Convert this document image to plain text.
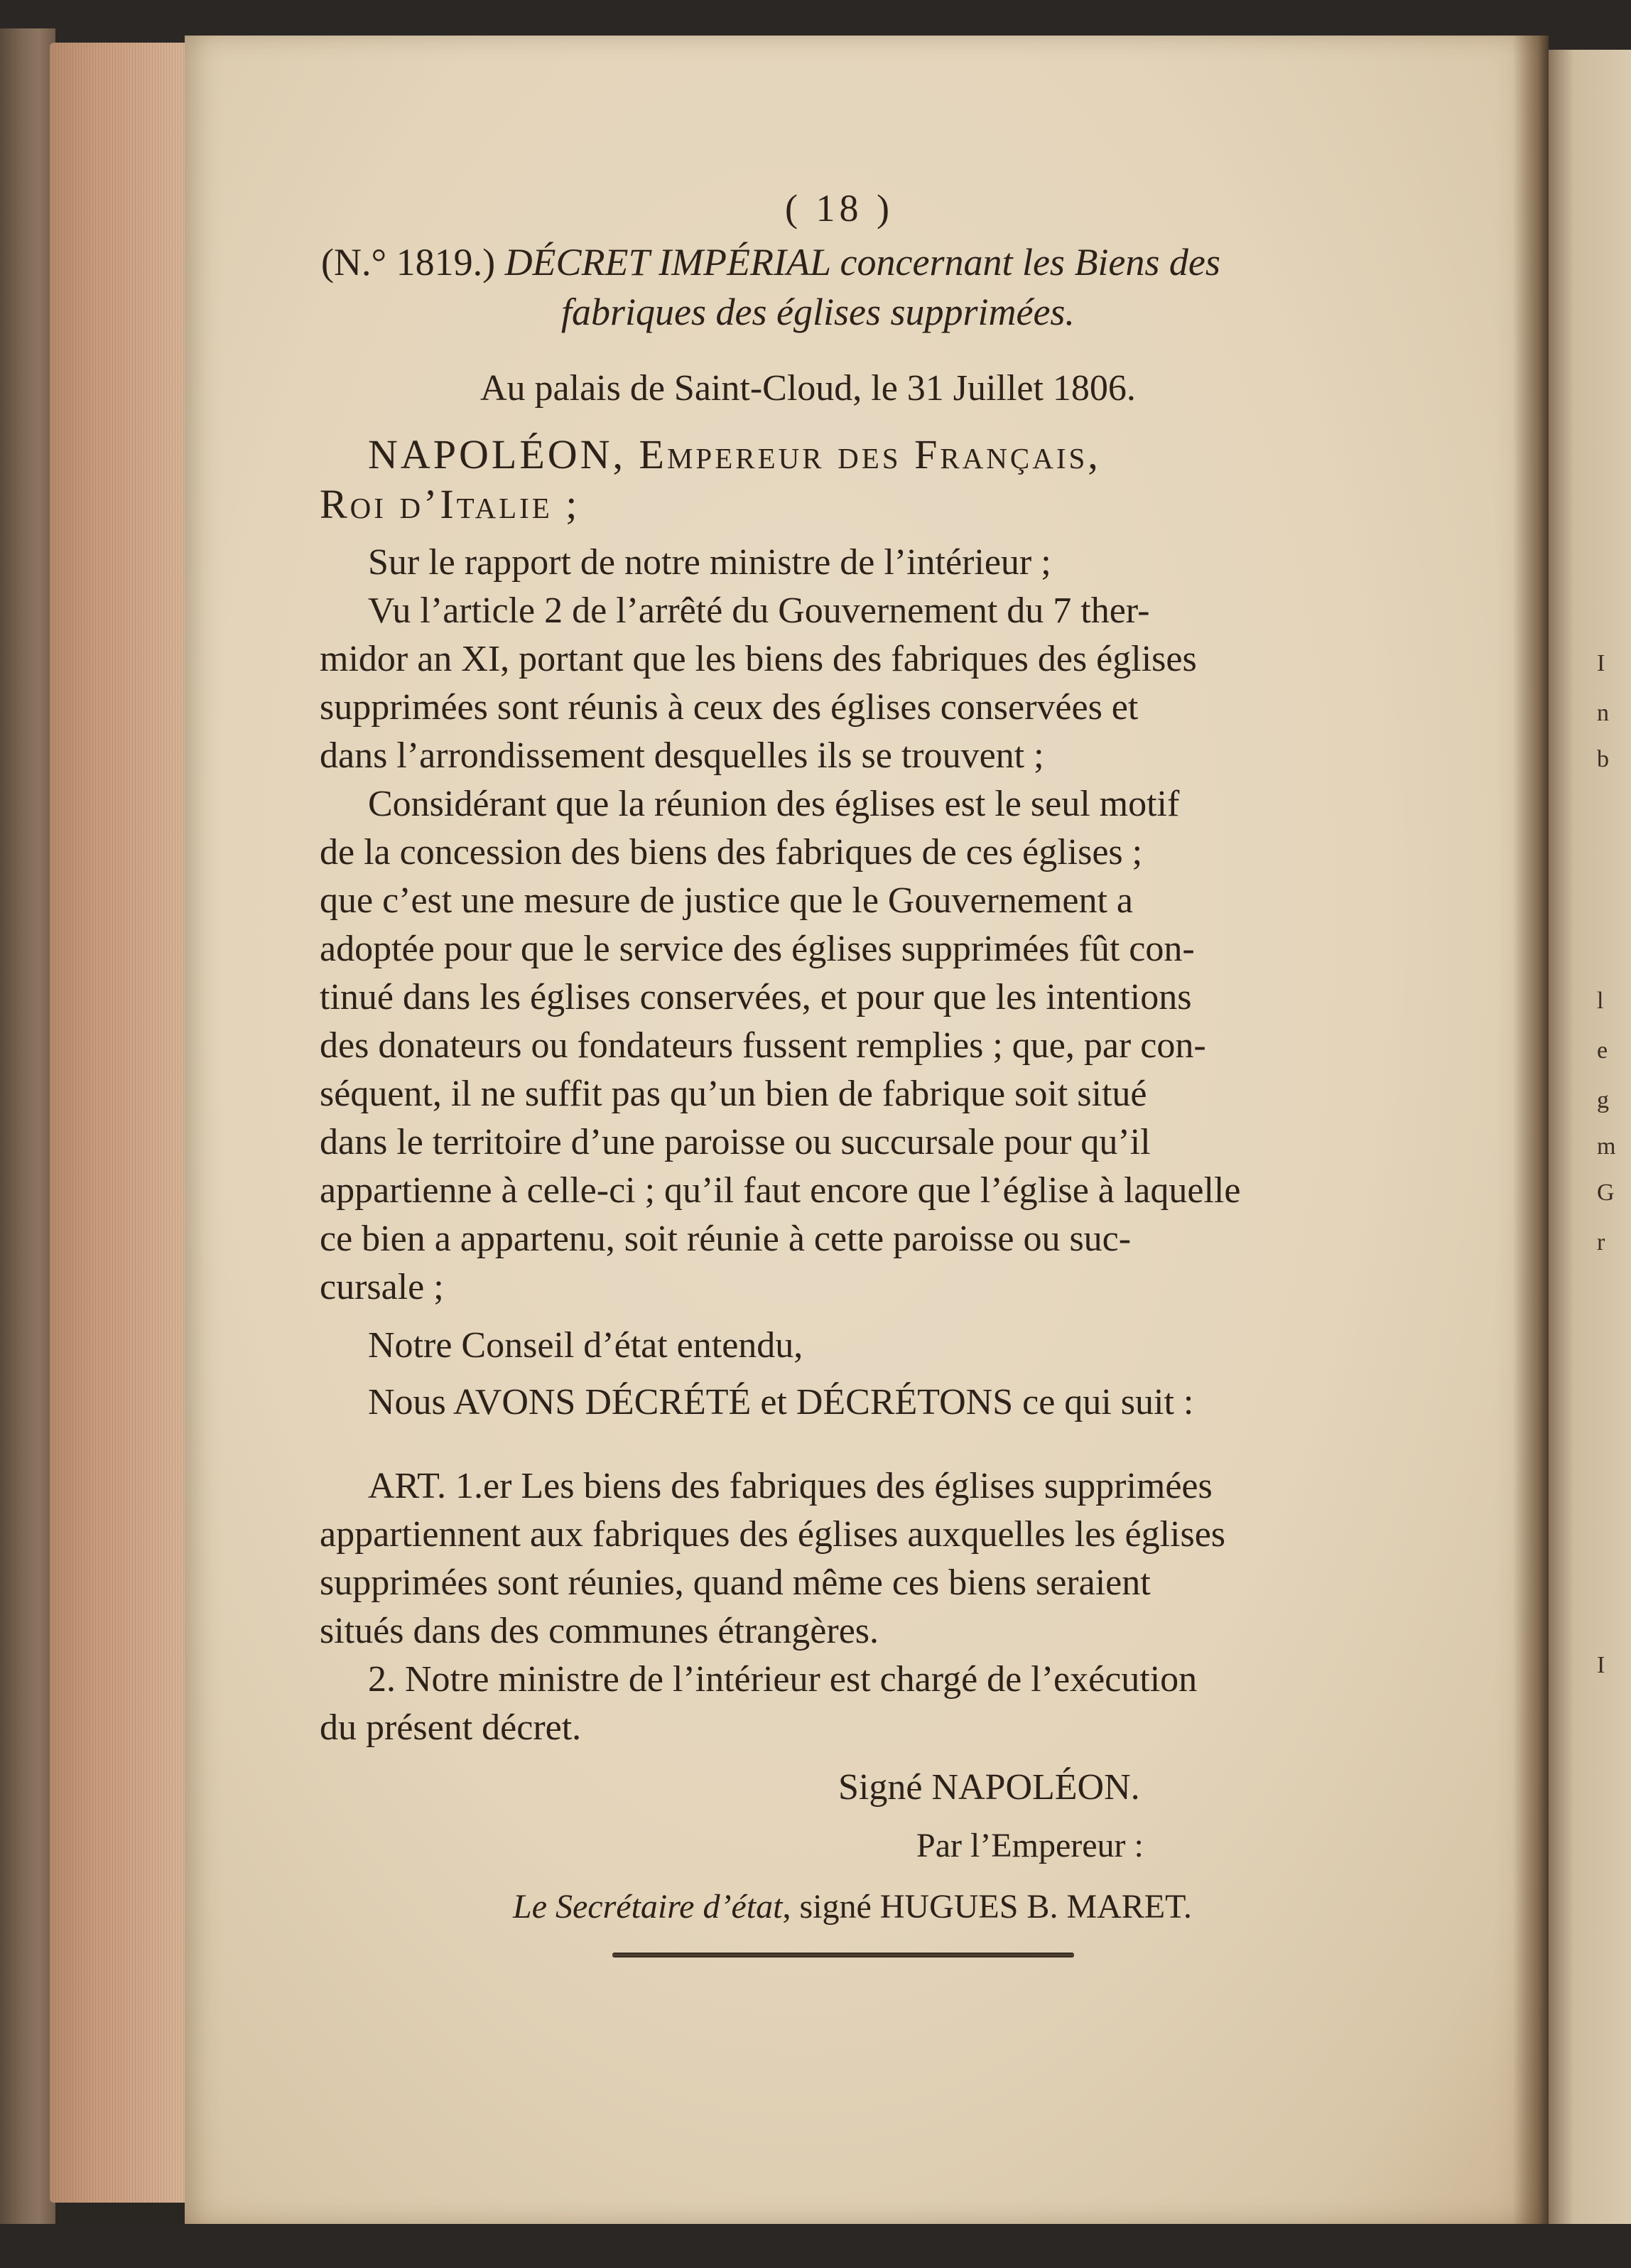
I
n
b
l
e
g
m
G
r
I

( 18 )

(N.° 1819.) DÉCRET IMPÉRIAL concernant les Biens des

fabriques des églises supprimées.

Au palais de Saint-Cloud, le 31 Juillet 1806.

NAPOLÉON, Empereur des Français,

Roi d’Italie ;

Sur le rapport de notre ministre de l’intérieur ;

Vu l’article 2 de l’arrêté du Gouvernement du 7 ther-

midor an XI, portant que les biens des fabriques des églises

supprimées sont réunis à ceux des églises conservées et

dans l’arrondissement desquelles ils se trouvent ;

Considérant que la réunion des églises est le seul motif

de la concession des biens des fabriques de ces églises ;

que c’est une mesure de justice que le Gouvernement a

adoptée pour que le service des églises supprimées fût con-

tinué dans les églises conservées, et pour que les intentions

des donateurs ou fondateurs fussent remplies ; que, par con-

séquent, il ne suffit pas qu’un bien de fabrique soit situé

dans le territoire d’une paroisse ou succursale pour qu’il

appartienne à celle-ci ; qu’il faut encore que l’église à laquelle

ce bien a appartenu, soit réunie à cette paroisse ou suc-

cursale ;

Notre Conseil d’état entendu,

Nous AVONS DÉCRÉTÉ et DÉCRÉTONS ce qui suit :

ART. 1.er Les biens des fabriques des églises supprimées

appartiennent aux fabriques des églises auxquelles les églises

supprimées sont réunies, quand même ces biens seraient

situés dans des communes étrangères.

2. Notre ministre de l’intérieur est chargé de l’exécution

du présent décret.

Signé NAPOLÉON.

Par l’Empereur :

Le Secrétaire d’état, signé HUGUES B. MARET.
